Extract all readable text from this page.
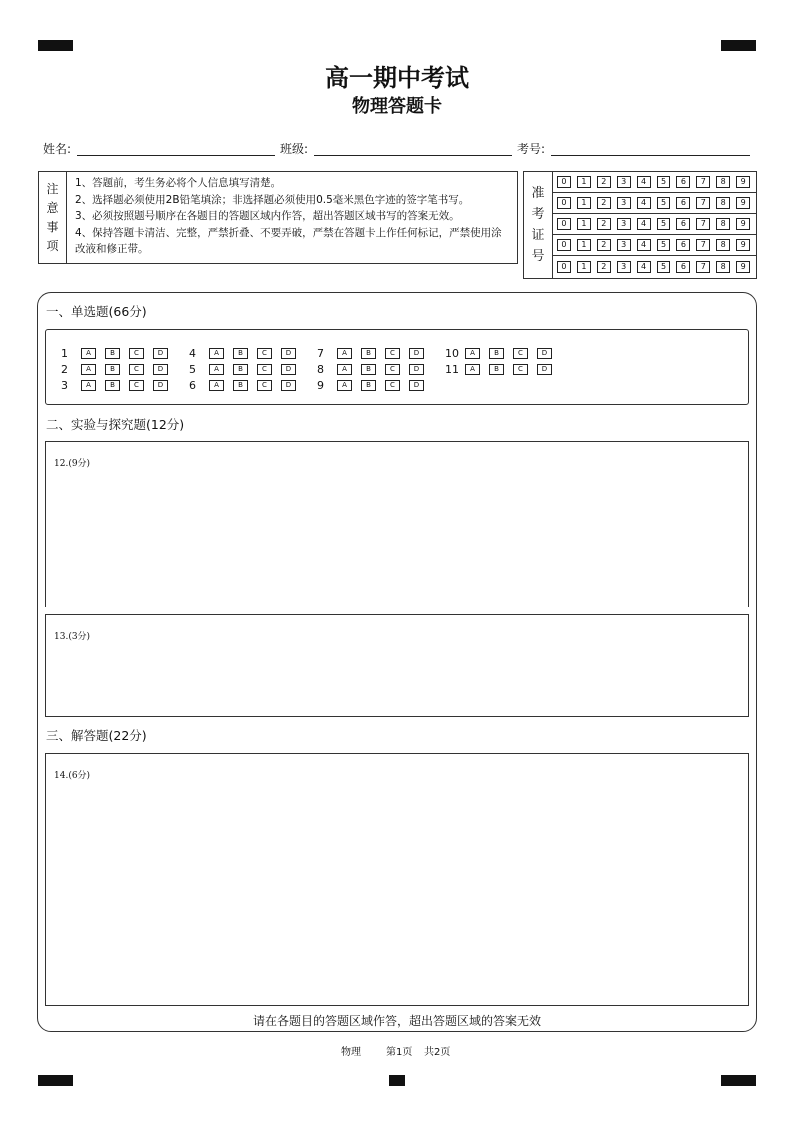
高一期中考试
物理答题卡
姓名:	班级:	考号:
注
意
事
项
1、答题前，考生务必将个人信息填写清楚。
2、选择题必须使用2B铅笔填涂；非选择题必须使用0.5毫米黑色字迹的签字笔书写。
3、必须按照题号顺序在各题目的答题区域内作答，超出答题区域书写的答案无效。
4、保持答题卡清洁、完整，严禁折叠、不要弄破，严禁在答题卡上作任何标记，严禁使用涂改液和修正带。
准
考
证
号
0	1	2	3	4	5	6	7	8	9
0	1	2	3	4	5	6	7	8	9
0	1	2	3	4	5	6	7	8	9
0	1	2	3	4	5	6	7	8	9
0	1	2	3	4	5	6	7	8	9
一、单选题(66分)
1	A	B	C	D
2	A	B	C	D
3	A	B	C	D
4	A	B	C	D
5	A	B	C	D
6	A	B	C	D
7	A	B	C	D
8	A	B	C	D
9	A	B	C	D
10	A	B	C	D
11	A	B	C	D
二、实验与探究题(12分)
12.(9分)
13.(3分)
三、解答题(22分)
14.(6分)
请在各题目的答题区域作答，超出答题区域的答案无效
物理	第1页 共2页
